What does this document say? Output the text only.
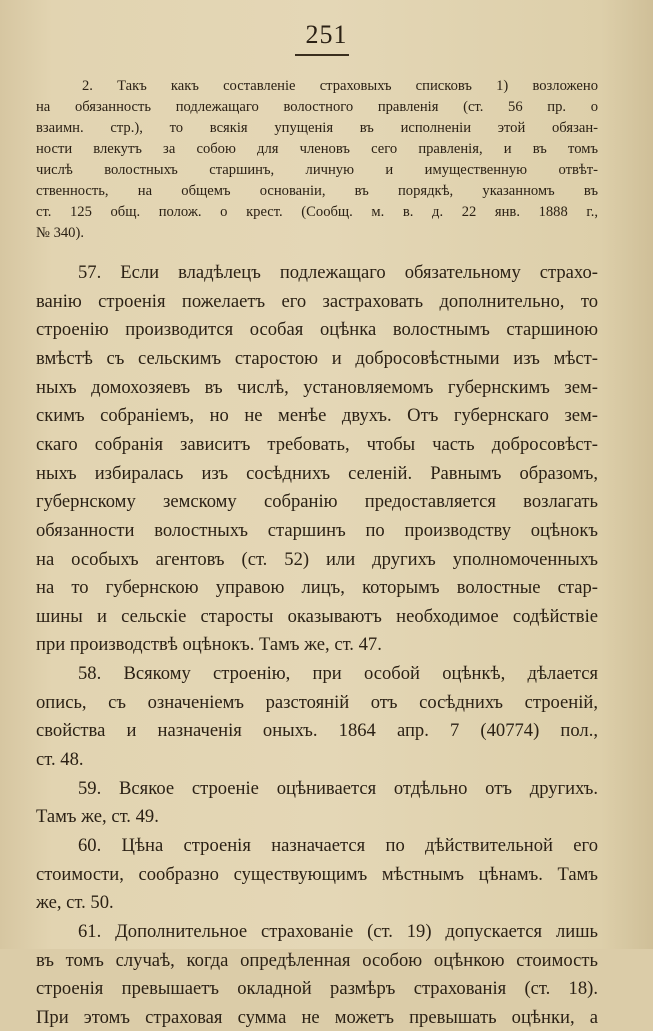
251
2. Такъ какъ составленіе страховыхъ списковъ 1) возложено
на обязанность подлежащаго волостного правленія (ст. 56 пр. о
взаимн. стр.), то всякія упущенія въ исполненіи этой обязан-
ности влекутъ за собою для членовъ сего правленія, и въ томъ
числѣ волостныхъ старшинъ, личную и имущественную отвѣт-
ственность, на общемъ основаніи, въ порядкѣ, указанномъ въ
ст. 125 общ. полож. о крест. (Сообщ. м. в. д. 22 янв. 1888 г.,
№ 340).
57. Если владѣлецъ подлежащаго обязательному страхо-
ванію строенія пожелаетъ его застраховать дополнительно, то
строенію производится особая оцѣнка волостнымъ старшиною
вмѣстѣ съ сельскимъ старостою и добросовѣстными изъ мѣст-
ныхъ домохозяевъ въ числѣ, установляемомъ губернскимъ зем-
скимъ собраніемъ, но не менѣе двухъ. Отъ губернскаго зем-
скаго собранія зависитъ требовать, чтобы часть добросовѣст-
ныхъ избиралась изъ сосѣднихъ селеній. Равнымъ образомъ,
губернскому земскому собранію предоставляется возлагать
обязанности волостныхъ старшинъ по производству оцѣнокъ
на особыхъ агентовъ (ст. 52) или другихъ уполномоченныхъ
на то губернскою управою лицъ, которымъ волостные стар-
шины и сельскіе старосты оказываютъ необходимое содѣйствіе
при производствѣ оцѣнокъ. Тамъ же, ст. 47.
58. Всякому строенію, при особой оцѣнкѣ, дѣлается
опись, съ означеніемъ разстояній отъ сосѣднихъ строеній,
свойства и назначенія оныхъ. 1864 апр. 7 (40774) пол.,
ст. 48.
59. Всякое строеніе оцѣнивается отдѣльно отъ другихъ.
Тамъ же, ст. 49.
60. Цѣна строенія назначается по дѣйствительной его
стоимости, сообразно существующимъ мѣстнымъ цѣнамъ. Тамъ
же, ст. 50.
61. Дополнительное страхованіе (ст. 19) допускается лишь
въ томъ случаѣ, когда опредѣленная особою оцѣнкою стоимость
строенія превышаетъ окладной размѣръ страхованія (ст. 18).
При этомъ страховая сумма не можетъ превышать оцѣнки, а
